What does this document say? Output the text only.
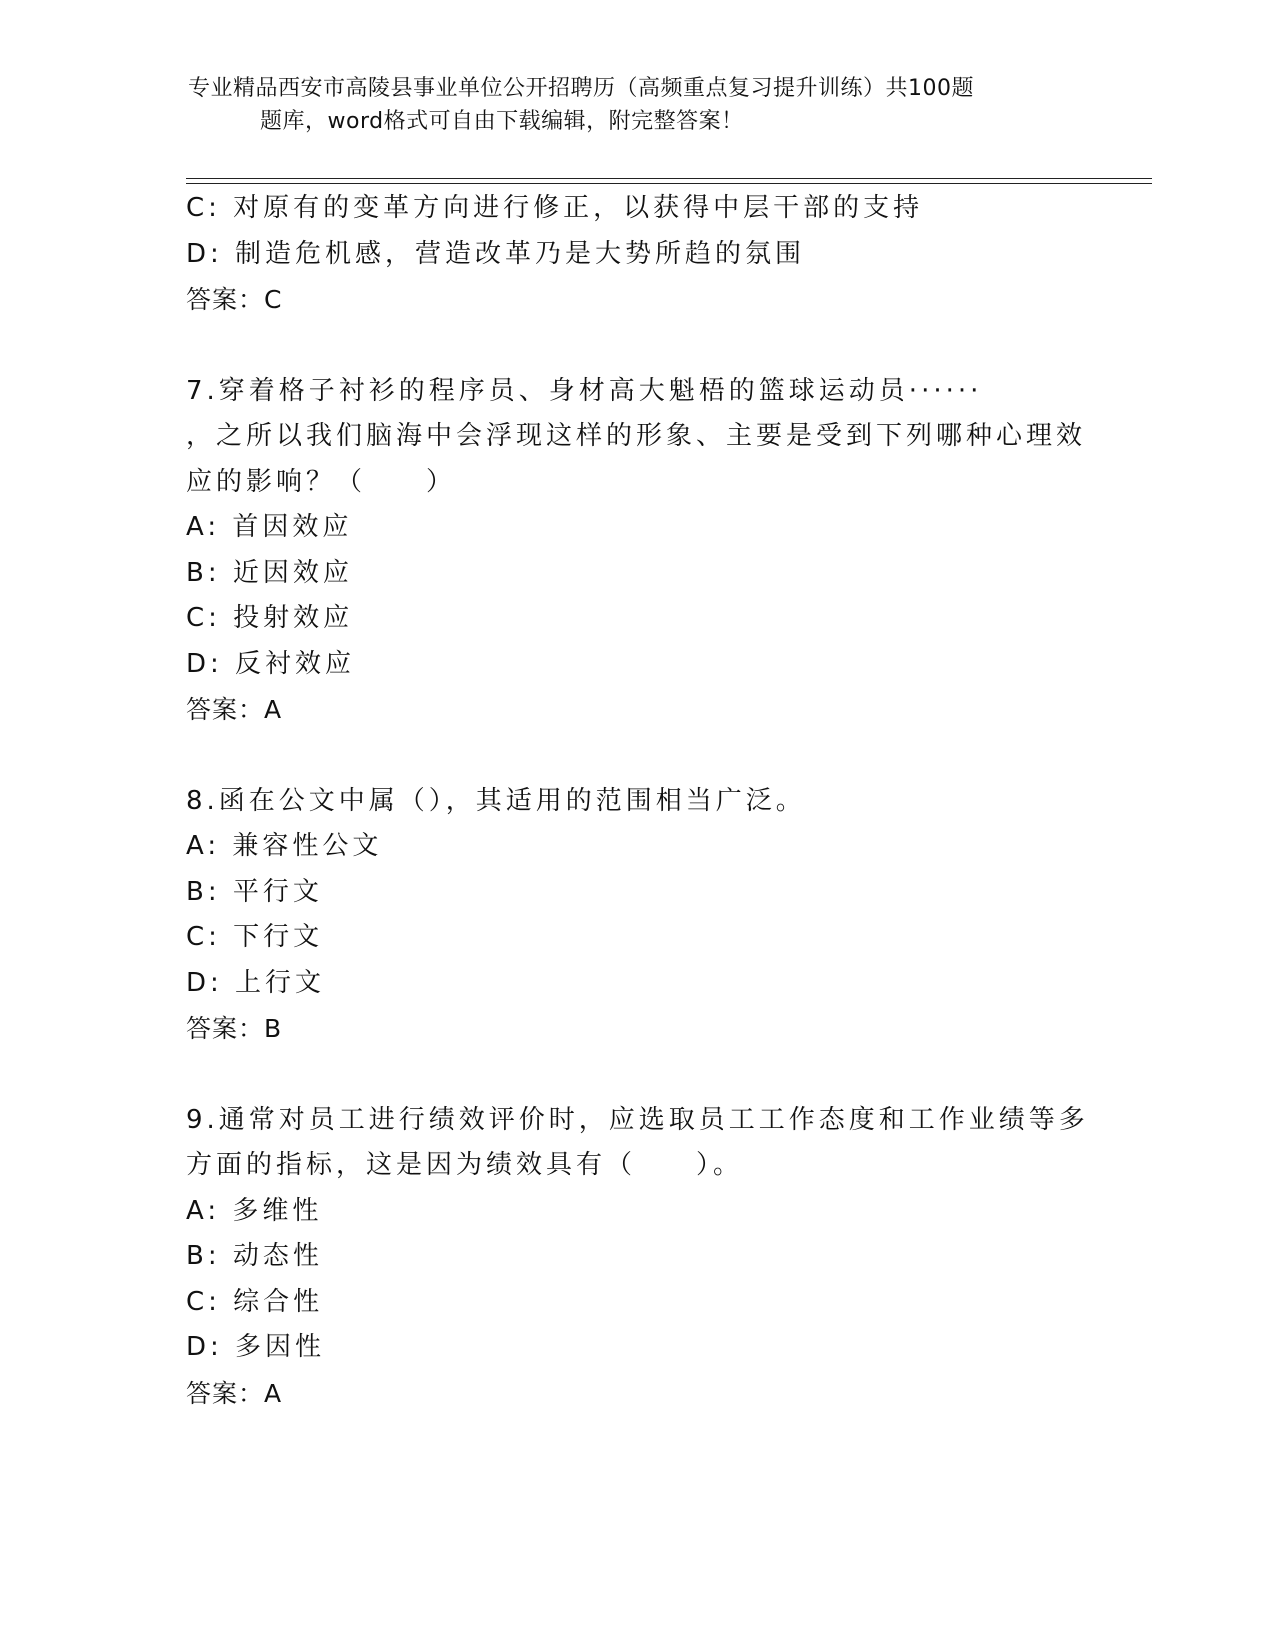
专业精品西安市高陵县事业单位公开招聘历（高频重点复习提升训练）共100题
题库，word格式可自由下载编辑，附完整答案！
C: 对原有的变革方向进行修正，以获得中层干部的支持
D: 制造危机感，营造改革乃是大势所趋的氛围
答案：C
7.穿着格子衬衫的程序员、身材高大魁梧的篮球运动员······
，之所以我们脑海中会浮现这样的形象、主要是受到下列哪种心理效
应的影响？（　　）
A: 首因效应
B: 近因效应
C: 投射效应
D: 反衬效应
答案：A
8.函在公文中属（），其适用的范围相当广泛。
A: 兼容性公文
B: 平行文
C: 下行文
D: 上行文
答案：B
9.通常对员工进行绩效评价时，应选取员工工作态度和工作业绩等多
方面的指标，这是因为绩效具有（　　）。
A: 多维性
B: 动态性
C: 综合性
D: 多因性
答案：A
